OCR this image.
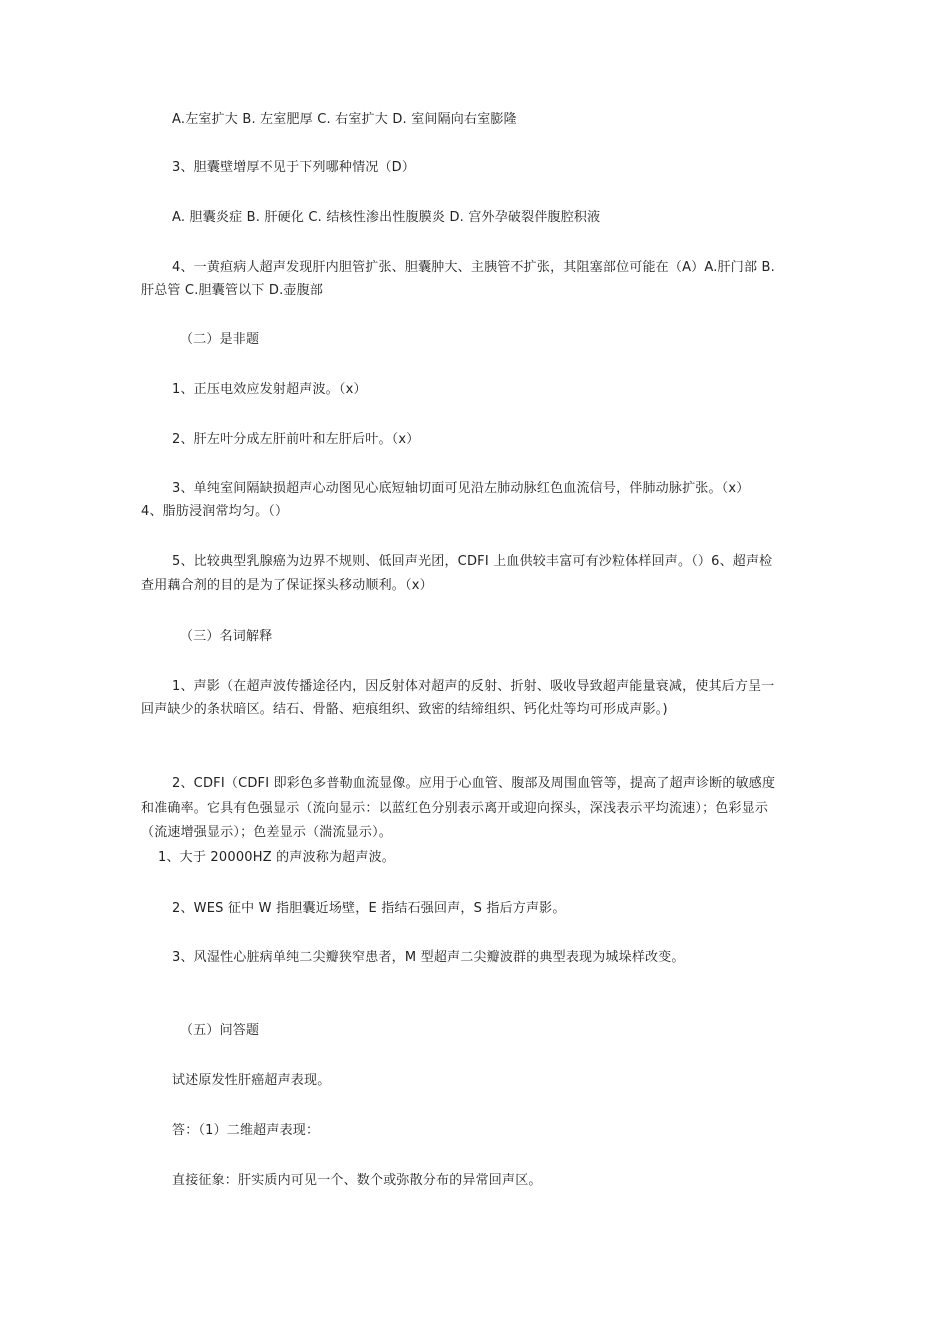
A.左室扩大 B. 左室肥厚 C. 右室扩大 D. 室间隔向右室膨隆
3、胆囊壁增厚不见于下列哪种情况（D）
A. 胆囊炎症 B. 肝硬化 C. 结核性渗出性腹膜炎 D. 宫外孕破裂伴腹腔积液
4、一黄疸病人超声发现肝内胆管扩张、胆囊肿大、主胰管不扩张，其阻塞部位可能在（A）A.肝门部 B.
肝总管 C.胆囊管以下 D.壶腹部
（二）是非题
1、正压电效应发射超声波。（x）
2、肝左叶分成左肝前叶和左肝后叶。（x）
3、单纯室间隔缺损超声心动图见心底短轴切面可见沿左肺动脉红色血流信号，伴肺动脉扩张。（x）
4、脂肪浸润常均匀。（）
5、比较典型乳腺癌为边界不规则、低回声光团，CDFI 上血供较丰富可有沙粒体样回声。（）6、超声检
查用藕合剂的目的是为了保证探头移动顺利。（x）
（三）名词解释
1、声影（在超声波传播途径内，因反射体对超声的反射、折射、吸收导致超声能量衰减，使其后方呈一
回声缺少的条状暗区。结石、骨骼、疤痕组织、致密的结缔组织、钙化灶等均可形成声影。)
2、CDFI（CDFI 即彩色多普勒血流显像。应用于心血管、腹部及周围血管等，提高了超声诊断的敏感度
和准确率。它具有色强显示（流向显示：以蓝红色分别表示离开或迎向探头，深浅表示平均流速）；色彩显示
（流速增强显示）；色差显示（湍流显示）。
1、大于 20000HZ 的声波称为超声波。
2、WES 征中 W 指胆囊近场壁，E 指结石强回声，S 指后方声影。
3、风湿性心脏病单纯二尖瓣狭窄患者，M 型超声二尖瓣波群的典型表现为城垛样改变。
（五）问答题
试述原发性肝癌超声表现。
答：（1）二维超声表现：
直接征象：肝实质内可见一个、数个或弥散分布的异常回声区。
